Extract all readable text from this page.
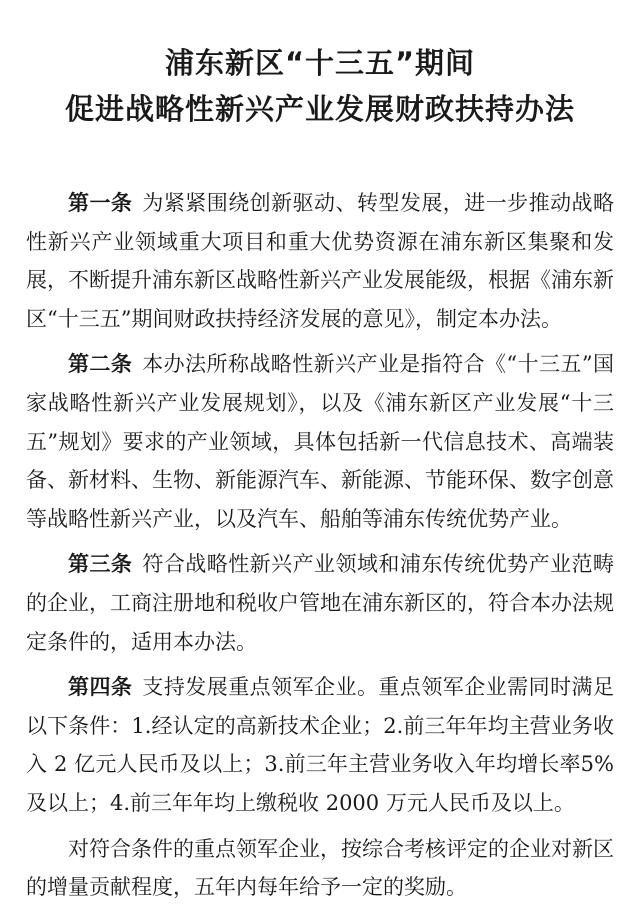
浦东新区“十三五”期间
促进战略性新兴产业发展财政扶持办法

第一条 为紧紧围绕创新驱动、转型发展，进一步推动战略性新兴产业领域重大项目和重大优势资源在浦东新区集聚和发展，不断提升浦东新区战略性新兴产业发展能级，根据《浦东新区“十三五”期间财政扶持经济发展的意见》，制定本办法。

第二条 本办法所称战略性新兴产业是指符合《“十三五”国家战略性新兴产业发展规划》，以及《浦东新区产业发展“十三五”规划》要求的产业领域，具体包括新一代信息技术、高端装备、新材料、生物、新能源汽车、新能源、节能环保、数字创意等战略性新兴产业，以及汽车、船舶等浦东传统优势产业。

第三条 符合战略性新兴产业领域和浦东传统优势产业范畴的企业，工商注册地和税收户管地在浦东新区的，符合本办法规定条件的，适用本办法。

第四条 支持发展重点领军企业。重点领军企业需同时满足以下条件：1.经认定的高新技术企业；2.前三年年均主营业务收入 2 亿元人民币及以上；3.前三年主营业务收入年均增长率5%及以上；4.前三年年均上缴税收 2000 万元人民币及以上。

对符合条件的重点领军企业，按综合考核评定的企业对新区的增量贡献程度，五年内每年给予一定的奖励。
